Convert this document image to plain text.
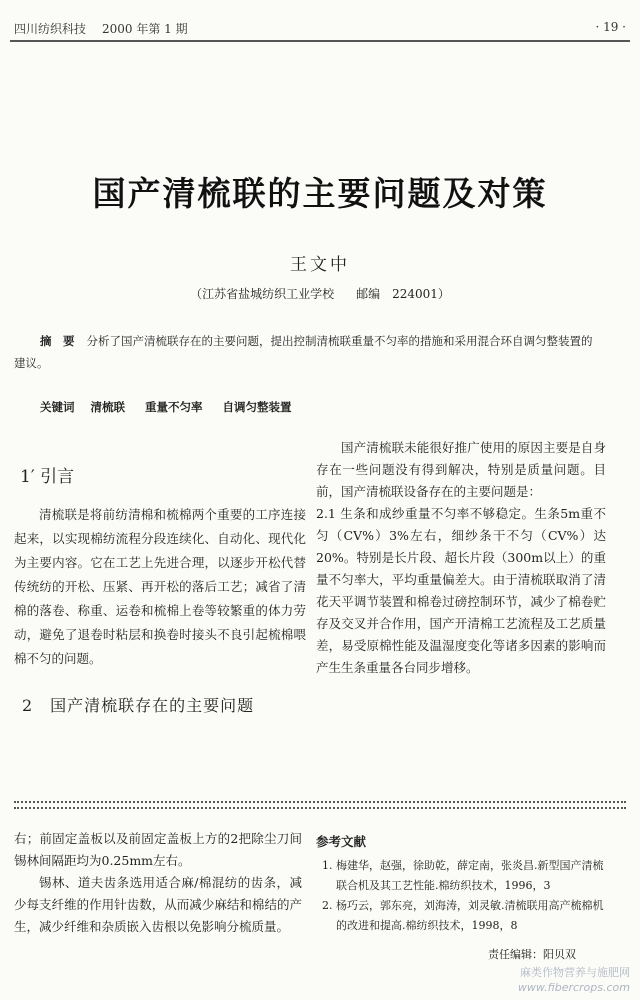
四川纺织科技 2000 年第 1 期	· 19 ·
国产清梳联的主要问题及对策
王文中
（江苏省盐城纺织工业学校 邮编　224001）
摘　要 分析了国产清梳联存在的主要问题，提出控制清梳联重量不匀率的措施和采用混合环自调匀整装置的建议。
关键词 清梳联 重量不匀率 自调匀整装置
1′ 引言

清梳联是将前纺清棉和梳棉两个重要的工序连接起来，以实现棉纺流程分段连续化、自动化、现代化为主要内容。它在工艺上先进合理，以逐步开松代替传统纺的开松、压紧、再开松的落后工艺；减省了清棉的落卷、称重、运卷和梳棉上卷等较繁重的体力劳动，避免了退卷时粘层和换卷时接头不良引起梳棉喂棉不匀的问题。

2　国产清梳联存在的主要问题

国产清梳联未能很好推广使用的原因主要是自身存在一些问题没有得到解决，特别是质量问题。目前，国产清梳联设备存在的主要问题是：

2.1 生条和成纱重量不匀率不够稳定。生条5m重不匀（CV%）3%左右，细纱条干不匀（CV%）达20%。特别是长片段、超长片段（300m以上）的重量不匀率大，平均重量偏差大。由于清梳联取消了清花天平调节装置和棉卷过磅控制环节，减少了棉卷贮存及交叉并合作用，国产开清棉工艺流程及工艺质量差，易受原棉性能及温湿度变化等诸多因素的影响而产生生条重量各台同步增移。

右；前固定盖板以及前固定盖板上方的2把除尘刀间锡林间隔距均为0.25mm左右。

锡林、道夫齿条选用适合麻/棉混纺的齿条，减少每支纤维的作用针齿数，从而减少麻结和棉结的产生，减少纤维和杂质嵌入齿根以免影响分梳质量。

参考文献
1. 梅建华，赵强，徐助乾，薛定南，张炎昌.新型国产清梳联合机及其工艺性能.棉纺织技术，1996，3
2. 杨巧云，郭东亮，刘海涛，刘灵敏.清梳联用高产梳棉机的改进和提高.棉纺织技术，1998，8
责任编辑：阳贝双
麻类作物营养与施肥网
www.fibercrops.com
